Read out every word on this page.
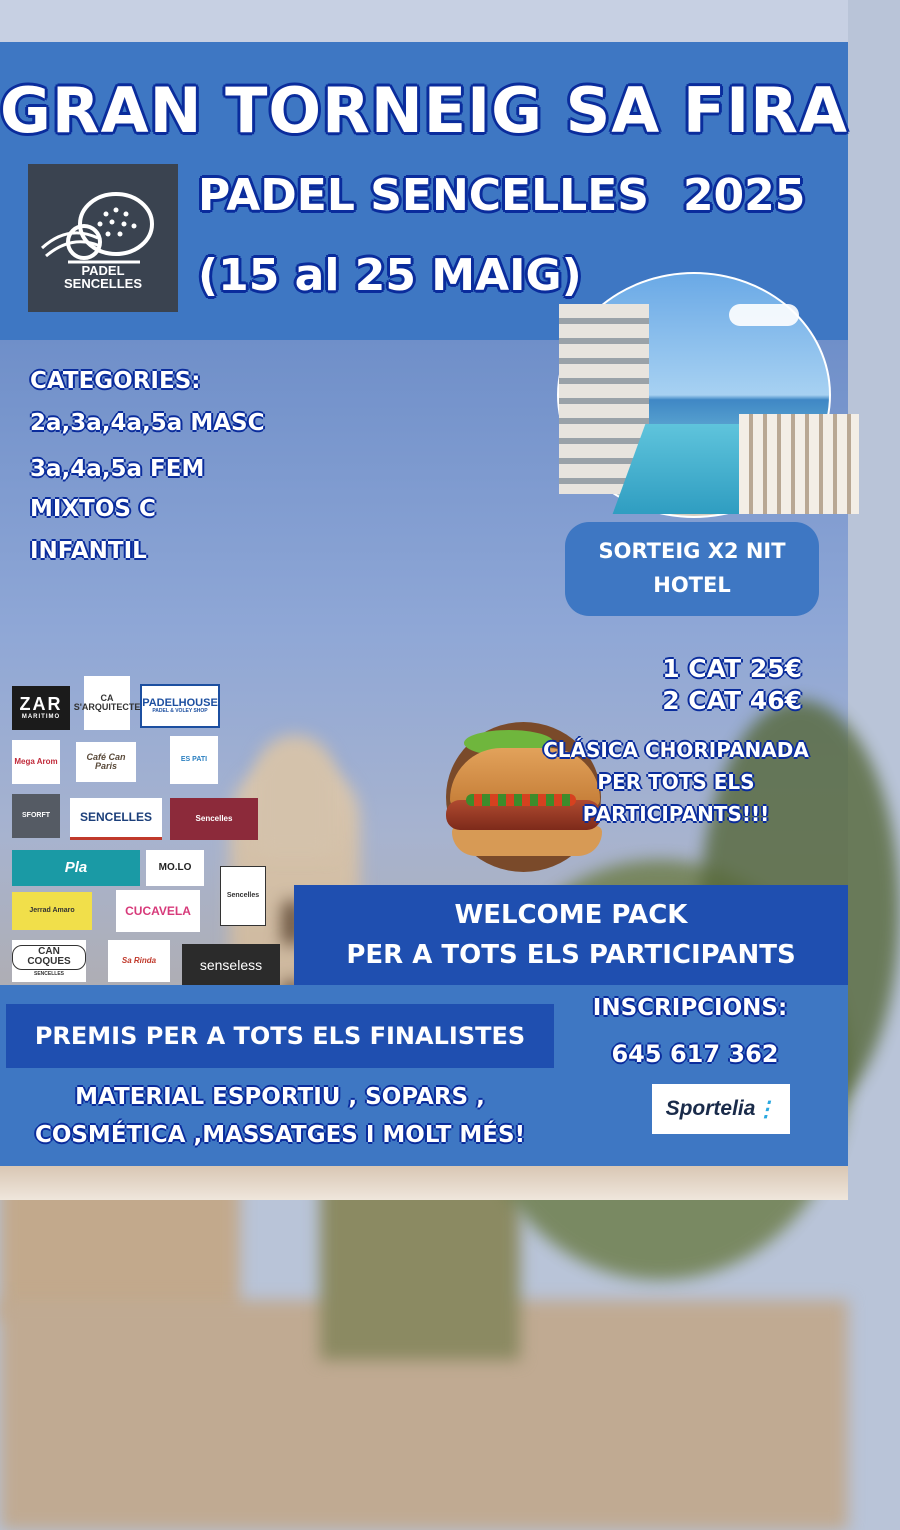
GRAN TORNEIG SA FIRA
PADEL SENCELLES 2025
(15 al 25 MAIG)
PADEL
SENCELLES
CATEGORIES:
2a,3a,4a,5a MASC
3a,4a,5a FEM
MIXTOS C
INFANTIL	SORTEIG X2 NIT
HOTEL
1 CAT 25€
2 CAT 46€
CLÁSICA CHORIPANADA
PER TOTS ELS
PARTICIPANTS!!!
ZAR
MARITIMO
CA S'ARQUITECTE PADELHOUSE
PADEL & VOLEY SHOP
Mega Arom	Café Can Paris
ES PATI
SFORFT	SENCELLES	Sencelles
Pla	MO.LO
Sencelles
Jerrad Amaro	CUCAVELA
CAN COQUES
SENCELLES
Sa Rinda	senseless
WELCOME PACK
PER A TOTS ELS PARTICIPANTS
PREMIS PER A TOTS ELS FINALISTES
MATERIAL ESPORTIU , SOPARS ,
COSMÉTICA ,MASSATGES I MOLT MÉS!
INSCRIPCIONS:
645 617 362
Sportelia ⋮
